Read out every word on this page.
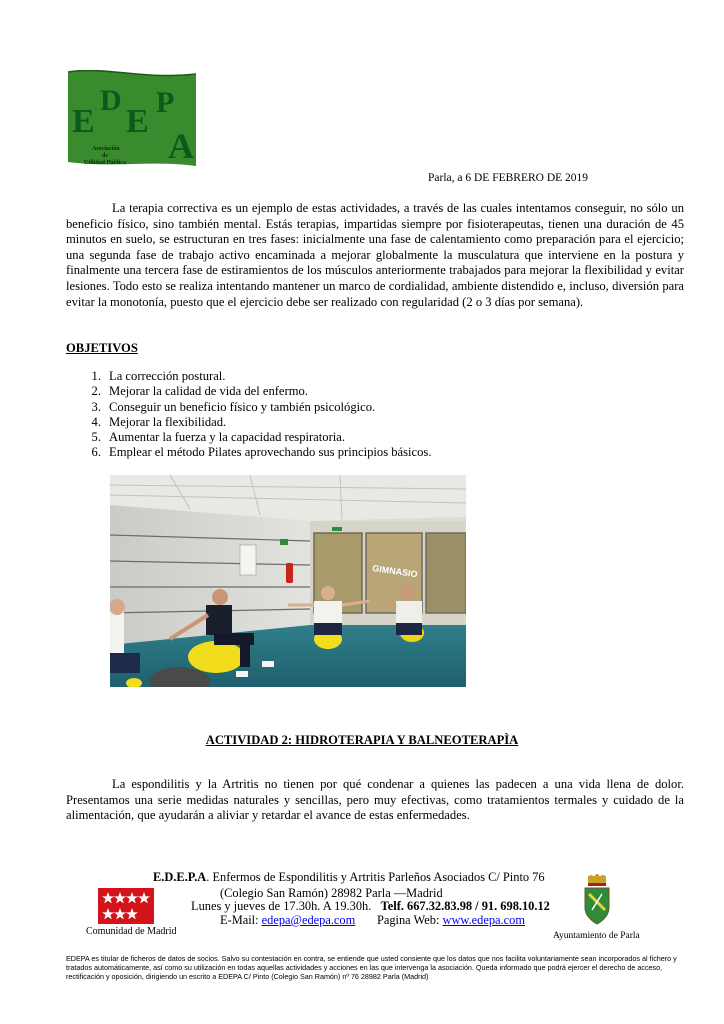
E
D
E
P
A
Asociación
de
Utilidad Pública
Parla, a 6 DE FEBRERO DE 2019

La terapia correctiva es un ejemplo de estas actividades, a través de las cuales intentamos conseguir, no sólo un beneficio físico, sino también mental. Estás terapias, impartidas siempre por fisioterapeutas, tienen una duración de 45 minutos en suelo, se estructuran en tres fases: inicialmente una fase de calentamiento como preparación para el ejercicio; una segunda fase de trabajo activo encaminada a mejorar globalmente la musculatura que interviene en la postura y finalmente una tercera fase de estiramientos de los músculos anteriormente trabajados para mejorar la flexibilidad y evitar lesiones. Todo esto se realiza intentando mantener un marco de cordialidad, ambiente distendido e, incluso, diversión para evitar la monotonía, puesto que el ejercicio debe ser realizado con regularidad (2 o 3 días por semana).

OBJETIVOS
1. La corrección postural.
2. Mejorar la calidad de vida del enfermo.
3. Conseguir un beneficio físico y también psicológico.
4. Mejorar la flexibilidad.
5. Aumentar la fuerza y la capacidad respiratoria.
6. Emplear el método Pilates aprovechando sus principios básicos.
GIMNASIO
ACTIVIDAD 2: HIDROTERAPIA Y BALNEOTERAPÌA

La espondilitis y la Artritis no tienen por qué condenar a quienes las padecen a una vida llena de dolor. Presentamos una serie medidas naturales y sencillas, pero muy efectivas, como tratamientos termales y cuidado de la alimentación, que ayudarán a aliviar y retardar el avance de estas enfermedades.

E.D.E.P.A. Enfermos de Espondilitis y Artritis Parleños Asociados C/ Pinto 76
(Colegio San Ramón) 28982 Parla —Madrid
Lunes y jueves de 17.30h. A 19.30h. Telf. 667.32.83.98 / 91. 698.10.12
E-Mail: edepa@edepa.com Pagina Web: www.edepa.com
Comunidad de Madrid	Ayuntamiento de Parla
EDEPA es titular de ficheros de datos de socios. Salvo su contestación en contra, se entiende que usted consiente que los datos que nos facilita voluntariamente sean incorporados al fichero y tratados automáticamente, así como su utilización en todas aquellas actividades y acciones en las que intervenga la asociación. Queda informado que podrá ejercer el derecho de acceso, rectificación y oposición, dirigiendo un escrito a EDEPA C/ Pinto (Colegio San Ramón) nº 76 28982 Parla (Madrid)
